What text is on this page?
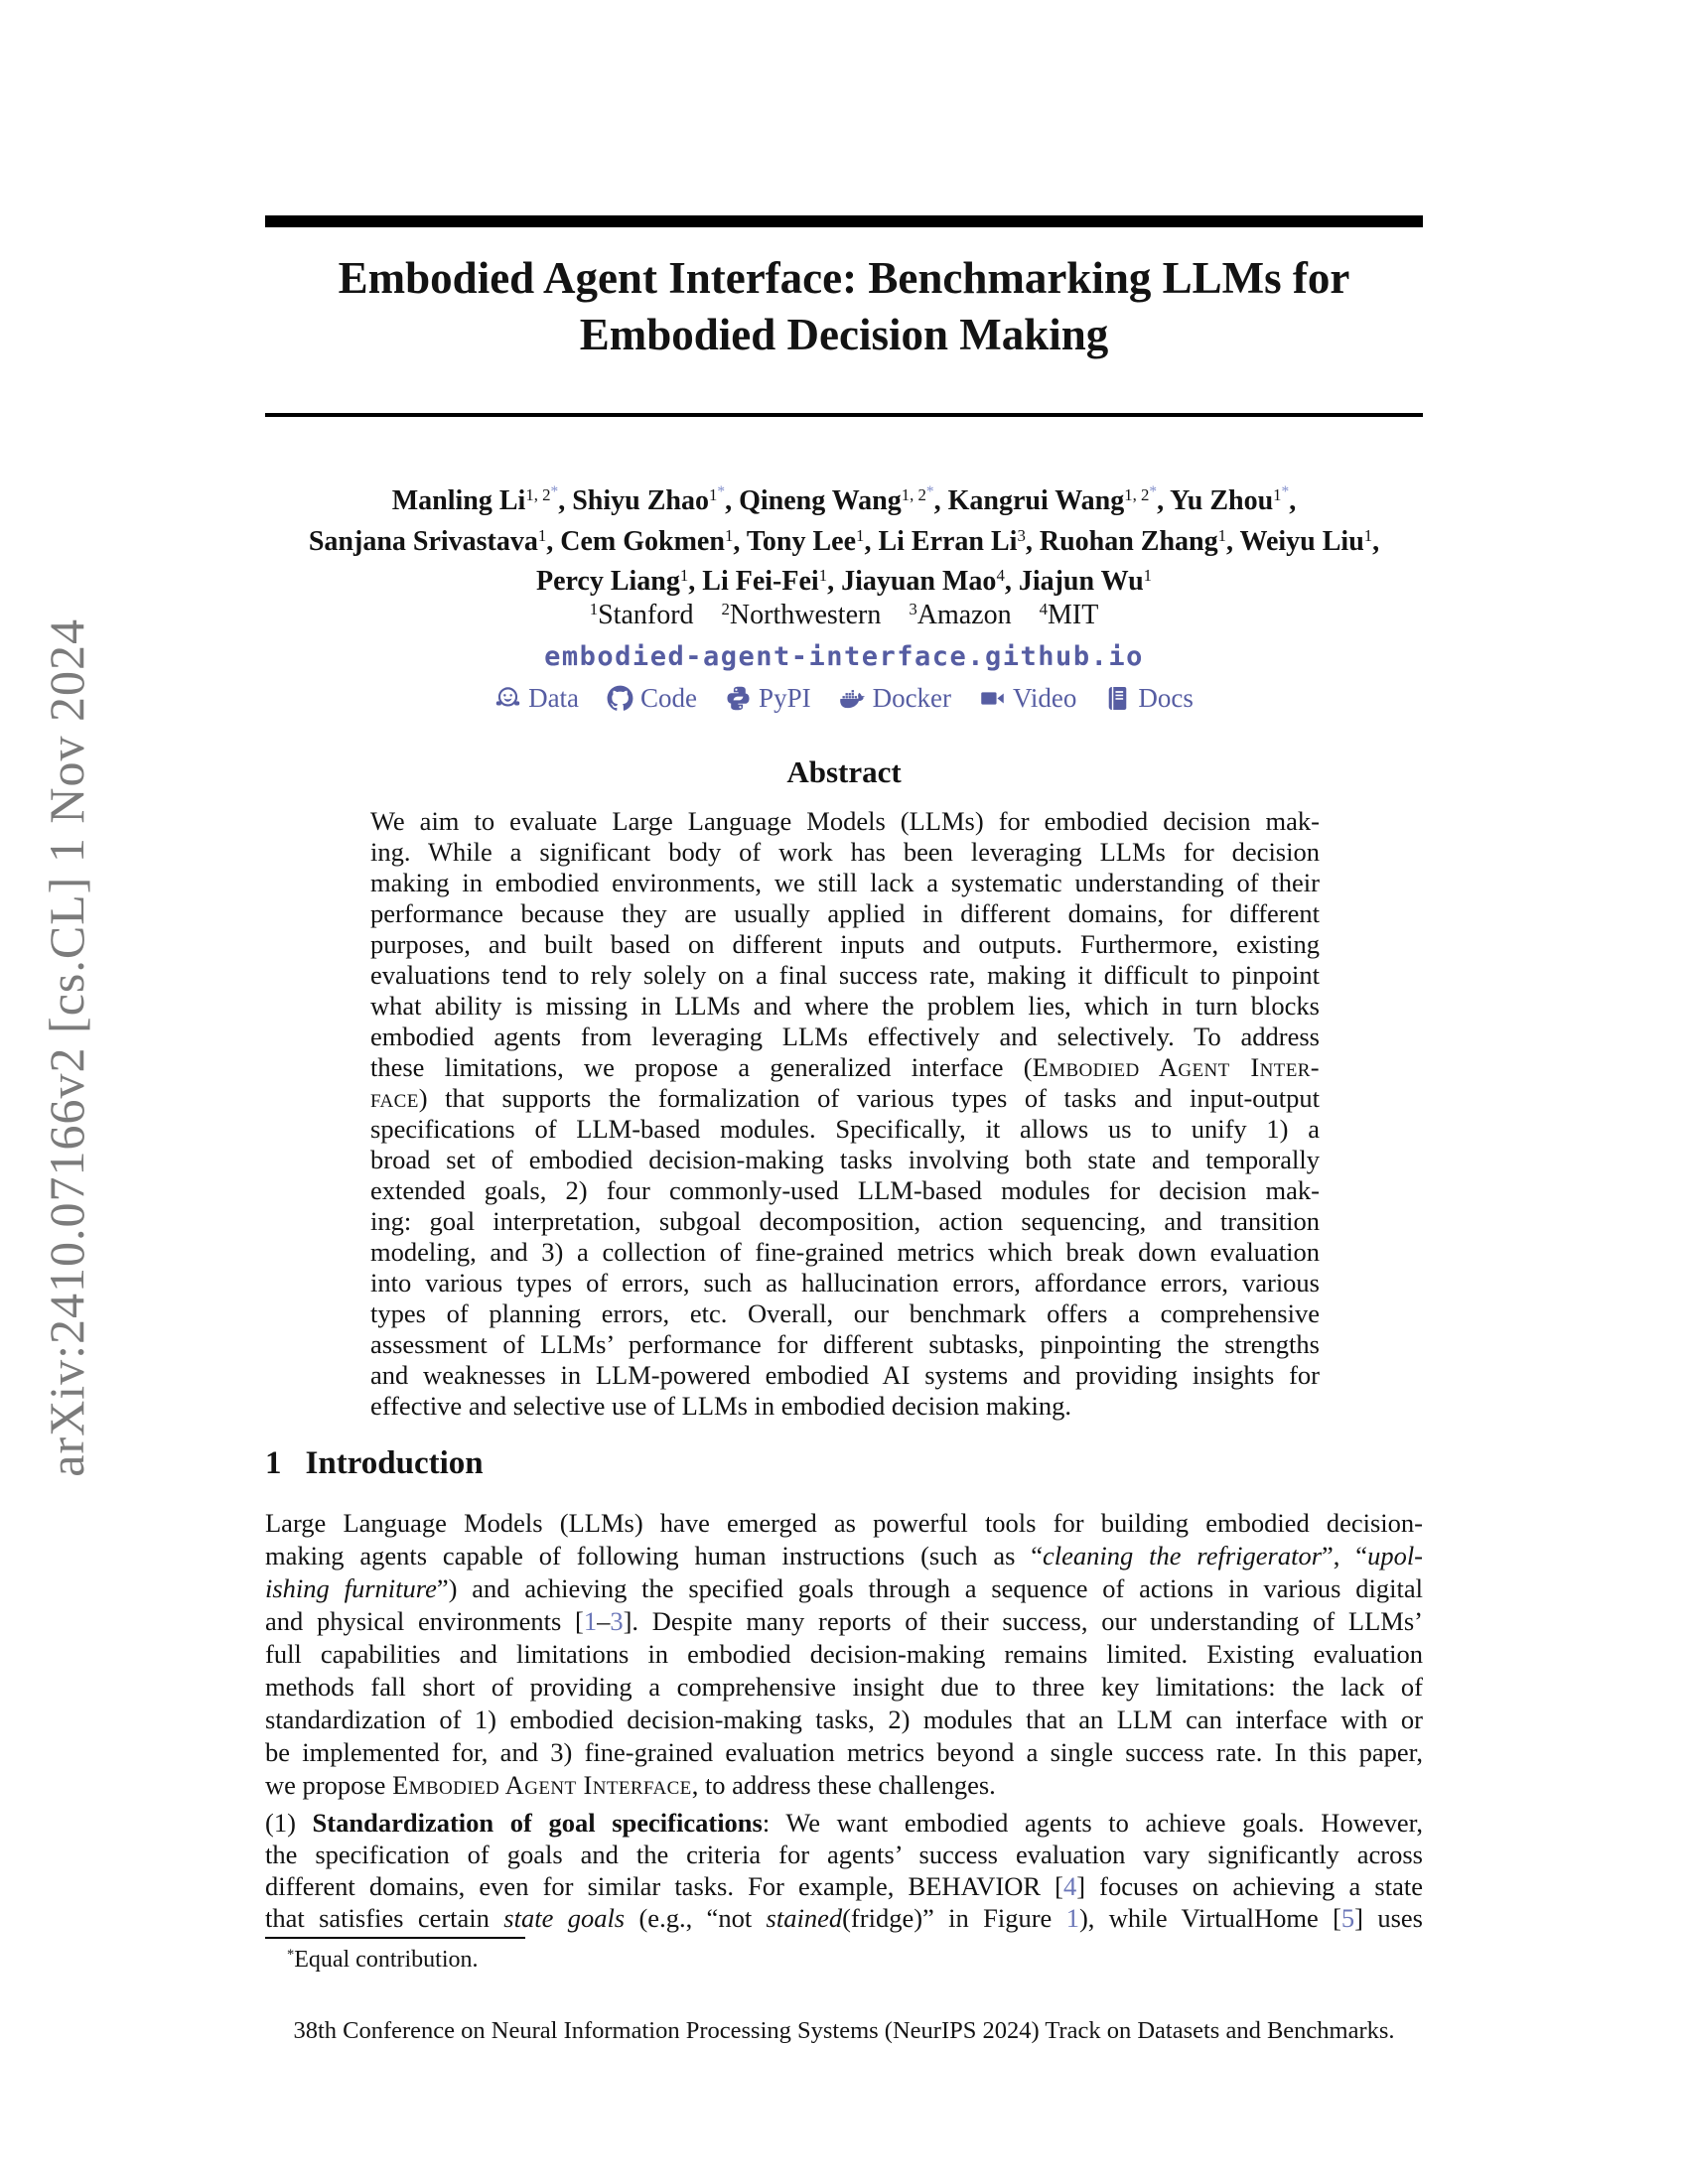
arXiv:2410.07166v2 [cs.CL] 1 Nov 2024
Embodied Agent Interface: Benchmarking LLMs for
Embodied Decision Making
Manling $Li^{1, 2*}$, Shiyu Zhao$^{1*}$, Qineng Wang$^{1, 2*}$, Kangrui Wang$^{1, 2*}$, Yu Zhou$^{1*}$,
Sanjana Srivastava$^1$, Cem Gokmen$^1$, Tony Lee$^1$, Li Erran Li$^3$, Ruohan Zhang$^1$, Weiyu Liu$^1$,
Percy Liang$^1$, Li Fei-Fei$^1$, Jiayuan Mao$^4$, Jiajun Wu$^1$
$^1$Stanford  $^2$Northwestern  $^3$Amazon  $^4$MIT
embodied-agent-interface.github.io
Data Code PyPI Docker Video Docs
Abstract
We aim to evaluate Large Language Models (LLMs) for embodied decision mak-
ing. While a significant body of work has been leveraging LLMs for decision
making in embodied environments, we still lack a systematic understanding of their
performance because they are usually applied in different domains, for different
purposes, and built based on different inputs and outputs. Furthermore, existing
evaluations tend to rely solely on a final success rate, making it difficult to pinpoint
what ability is missing in LLMs and where the problem lies, which in turn blocks
embodied agents from leveraging LLMs effectively and selectively. To address
these limitations, we propose a generalized interface (Embodied Agent Inter-
face) that supports the formalization of various types of tasks and input-output
specifications of LLM-based modules. Specifically, it allows us to unify 1) a
broad set of embodied decision-making tasks involving both state and temporally
extended goals, 2) four commonly-used LLM-based modules for decision mak-
ing: goal interpretation, subgoal decomposition, action sequencing, and transition
modeling, and 3) a collection of fine-grained metrics which break down evaluation
into various types of errors, such as hallucination errors, affordance errors, various
types of planning errors, etc. Overall, our benchmark offers a comprehensive
assessment of LLMs’ performance for different subtasks, pinpointing the strengths
and weaknesses in LLM-powered embodied AI systems and providing insights for
effective and selective use of LLMs in embodied decision making.
1 Introduction
Large Language Models (LLMs) have emerged as powerful tools for building embodied decision-
making agents capable of following human instructions (such as “cleaning the refrigerator”, “upol-
ishing furniture”) and achieving the specified goals through a sequence of actions in various digital
and physical environments [1–3]. Despite many reports of their success, our understanding of LLMs’
full capabilities and limitations in embodied decision-making remains limited. Existing evaluation
methods fall short of providing a comprehensive insight due to three key limitations: the lack of
standardization of 1) embodied decision-making tasks, 2) modules that an LLM can interface with or
be implemented for, and 3) fine-grained evaluation metrics beyond a single success rate. In this paper,
we propose Embodied Agent Interface, to address these challenges.
(1) Standardization of goal specifications: We want embodied agents to achieve goals. However,
the specification of goals and the criteria for agents’ success evaluation vary significantly across
different domains, even for similar tasks. For example, BEHAVIOR [4] focuses on achieving a state
that satisfies certain state goals (e.g., “not stained(fridge)” in Figure 1), while VirtualHome [5] uses
*Equal contribution.
38th Conference on Neural Information Processing Systems (NeurIPS 2024) Track on Datasets and Benchmarks.
